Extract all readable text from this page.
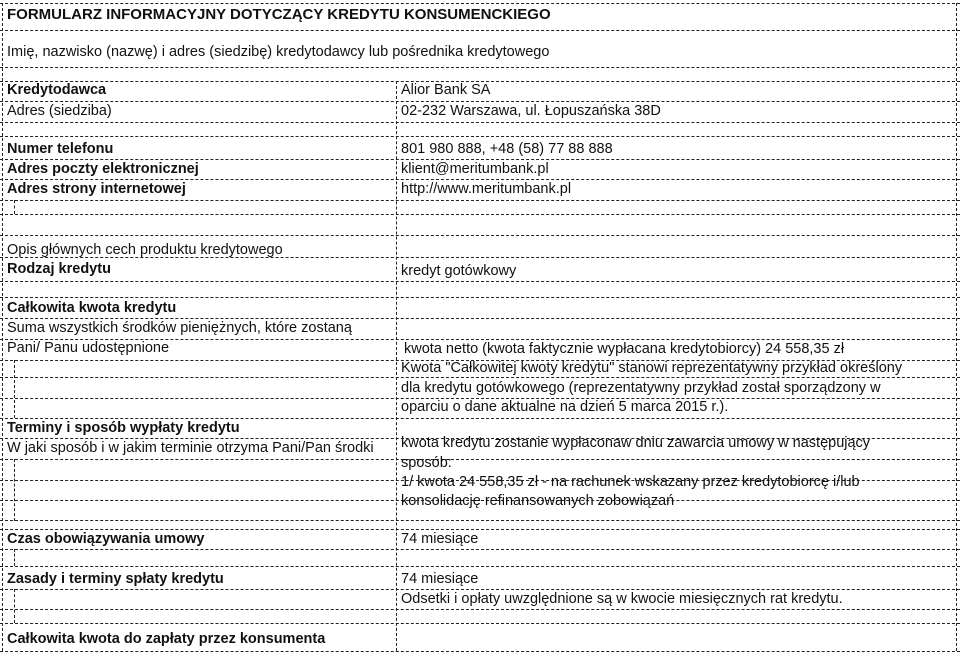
FORMULARZ INFORMACYJNY DOTYCZĄCY KREDYTU KONSUMENCKIEGO
Imię, nazwisko (nazwę) i adres (siedzibę) kredytodawcy lub pośrednika kredytowego
Kredytodawca	Alior Bank SA
Adres (siedziba)	02-232 Warszawa, ul. Łopuszańska 38D
Numer telefonu	801 980 888, +48 (58) 77 88 888
Adres poczty elektronicznej	klient@meritumbank.pl
Adres strony internetowej	http://www.meritumbank.pl
Opis głównych cech produktu kredytowego
Rodzaj kredytu	kredyt gotówkowy
Całkowita kwota kredytu
Suma wszystkich środków pieniężnych, które zostaną
Pani/ Panu udostępnione	kwota netto (kwota faktycznie wypłacana kredytobiorcy) 24 558,35 zł
Kwota "Całkowitej kwoty kredytu" stanowi reprezentatywny przykład określony
dla kredytu gotówkowego (reprezentatywny przykład został sporządzony w
oparciu o dane aktualne na dzień 5 marca 2015 r.).
Terminy i sposób wypłaty kredytu
W jaki sposób i w jakim terminie otrzyma Pani/Pan środki	kwota kredytu zostanie wypłaconaw dniu zawarcia umowy w następujący
sposób:
1/ kwota 24 558,35 zł - na rachunek wskazany przez kredytobiorcę i/lub
konsolidację refinansowanych zobowiązań
Czas obowiązywania umowy	74 miesiące
Zasady i terminy spłaty kredytu	74 miesiące
Odsetki i opłaty uwzględnione są w kwocie miesięcznych rat kredytu.
Całkowita kwota do zapłaty przez konsumenta
